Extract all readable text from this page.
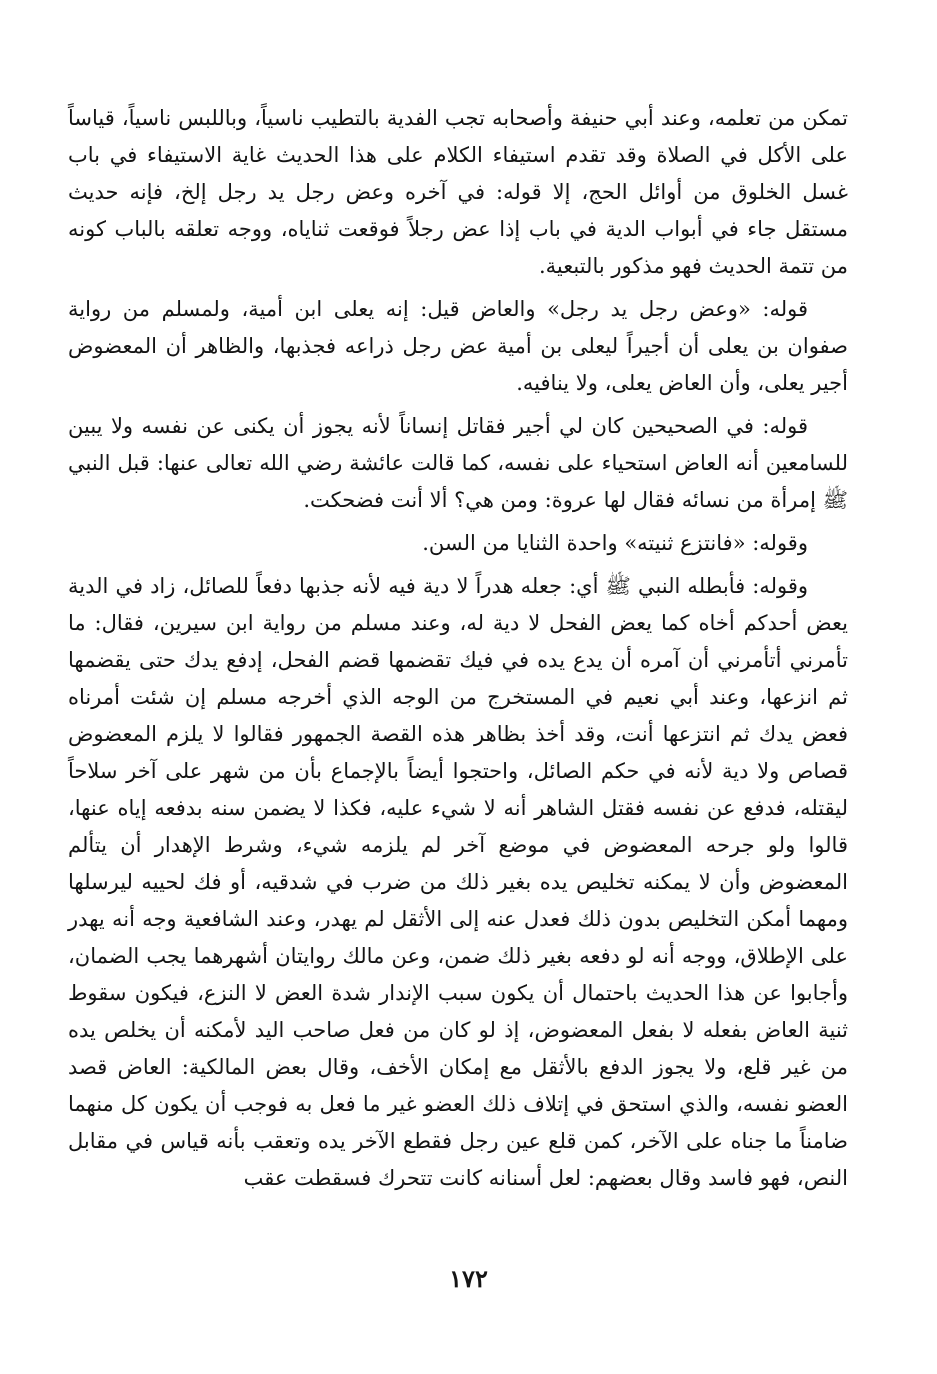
تمكن من تعلمه، وعند أبي حنيفة وأصحابه تجب الفدية بالتطيب ناسياً، وباللبس ناسياً، قياساً على الأكل في الصلاة وقد تقدم استيفاء الكلام على هذا الحديث غاية الاستيفاء في باب غسل الخلوق من أوائل الحج، إلا قوله: في آخره وعض رجل يد رجل إلخ، فإنه حديث مستقل جاء في أبواب الدية في باب إذا عض رجلاً فوقعت ثناياه، ووجه تعلقه بالباب كونه من تتمة الحديث فهو مذكور بالتبعية.

قوله: «وعض رجل يد رجل» والعاض قيل: إنه يعلى ابن أمية، ولمسلم من رواية صفوان بن يعلى أن أجيراً ليعلى بن أمية عض رجل ذراعه فجذبها، والظاهر أن المعضوض أجير يعلى، وأن العاض يعلى، ولا ينافيه.

قوله: في الصحيحين كان لي أجير فقاتل إنساناً لأنه يجوز أن يكنى عن نفسه ولا يبين للسامعين أنه العاض استحياء على نفسه، كما قالت عائشة رضي الله تعالى عنها: قبل النبي ﷺ إمرأة من نسائه فقال لها عروة: ومن هي؟ ألا أنت فضحكت.

وقوله: «فانتزع ثنيته» واحدة الثنايا من السن.

وقوله: فأبطله النبي ﷺ أي: جعله هدراً لا دية فيه لأنه جذبها دفعاً للصائل، زاد في الدية يعض أحدكم أخاه كما يعض الفحل لا دية له، وعند مسلم من رواية ابن سيرين، فقال: ما تأمرني أتأمرني أن آمره أن يدع يده في فيك تقضمها قضم الفحل، إدفع يدك حتى يقضمها ثم انزعها، وعند أبي نعيم في المستخرج من الوجه الذي أخرجه مسلم إن شئت أمرناه فعض يدك ثم انتزعها أنت، وقد أخذ بظاهر هذه القصة الجمهور فقالوا لا يلزم المعضوض قصاص ولا دية لأنه في حكم الصائل، واحتجوا أيضاً بالإجماع بأن من شهر على آخر سلاحاً ليقتله، فدفع عن نفسه فقتل الشاهر أنه لا شيء عليه، فكذا لا يضمن سنه بدفعه إياه عنها، قالوا ولو جرحه المعضوض في موضع آخر لم يلزمه شيء، وشرط الإهدار أن يتألم المعضوض وأن لا يمكنه تخليص يده بغير ذلك من ضرب في شدقيه، أو فك لحييه ليرسلها ومهما أمكن التخليص بدون ذلك فعدل عنه إلى الأثقل لم يهدر، وعند الشافعية وجه أنه يهدر على الإطلاق، ووجه أنه لو دفعه بغير ذلك ضمن، وعن مالك روايتان أشهرهما يجب الضمان، وأجابوا عن هذا الحديث باحتمال أن يكون سبب الإندار شدة العض لا النزع، فيكون سقوط ثنية العاض بفعله لا بفعل المعضوض، إذ لو كان من فعل صاحب اليد لأمكنه أن يخلص يده من غير قلع، ولا يجوز الدفع بالأثقل مع إمكان الأخف، وقال بعض المالكية: العاض قصد العضو نفسه، والذي استحق في إتلاف ذلك العضو غير ما فعل به فوجب أن يكون كل منهما ضامناً ما جناه على الآخر، كمن قلع عين رجل فقطع الآخر يده وتعقب بأنه قياس في مقابل النص، فهو فاسد وقال بعضهم: لعل أسنانه كانت تتحرك فسقطت عقب

١٧٢
